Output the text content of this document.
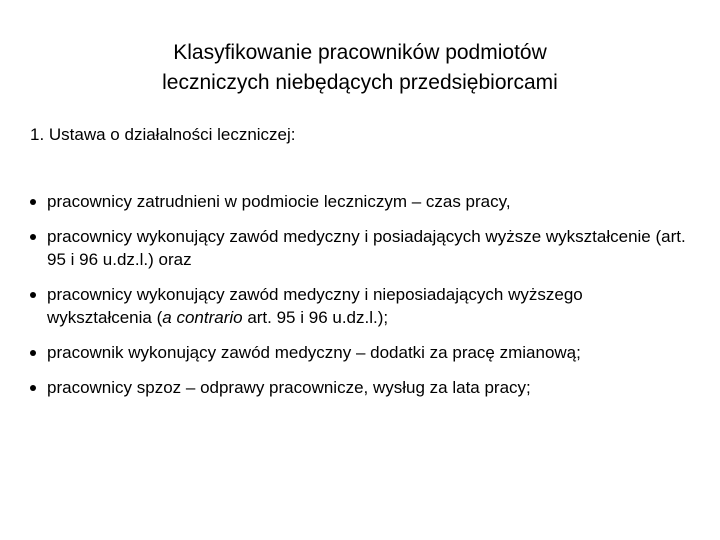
Klasyfikowanie pracowników podmiotów
leczniczych niebędących przedsiębiorcami

1. Ustawa o działalności leczniczej:

pracownicy zatrudnieni w podmiocie leczniczym – czas pracy,
pracownicy wykonujący zawód medyczny i posiadających wyższe wykształcenie (art. 95 i 96 u.dz.l.) oraz
pracownicy wykonujący zawód medyczny i nieposiadających wyższego wykształcenia (a contrario art. 95 i 96 u.dz.l.);
pracownik wykonujący zawód medyczny – dodatki za pracę zmianową;
pracownicy spzoz – odprawy pracownicze, wysług za lata pracy;
